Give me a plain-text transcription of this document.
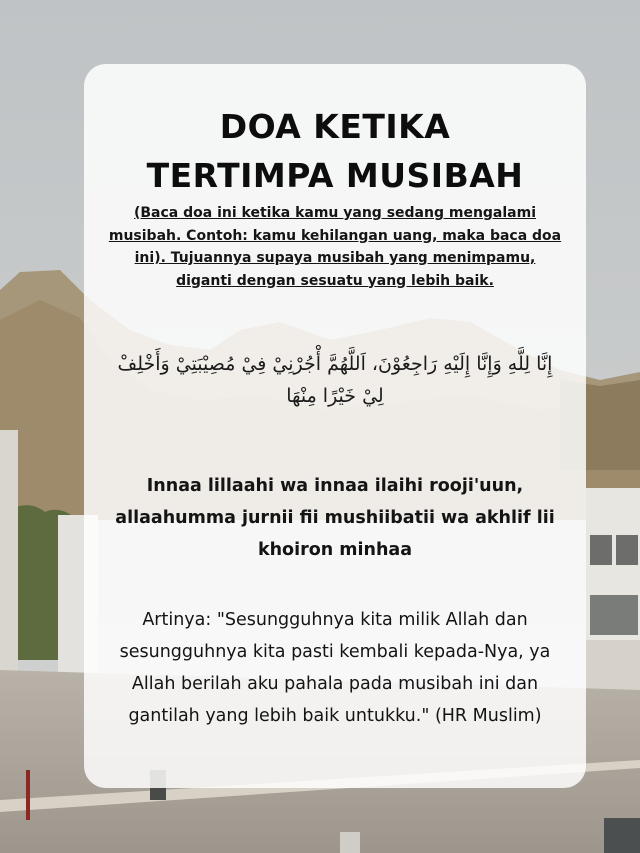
DOA KETIKA
TERTIMPA MUSIBAH

(Baca doa ini ketika kamu yang sedang mengalami musibah. Contoh: kamu kehilangan uang, maka baca doa ini). Tujuannya supaya musibah yang menimpamu, diganti dengan sesuatu yang lebih baik.

إِنَّا لِلَّهِ وَإِنَّا إِلَيْهِ رَاجِعُوْنَ، اَللَّهُمَّ أْجُرْنِيْ فِيْ مُصِيْبَتِيْ وَأَخْلِفْ لِيْ خَيْرًا مِنْهَا

Innaa lillaahi wa innaa ilaihi rooji'uun, allaahumma jurnii fii mushiibatii wa akhlif lii khoiron minhaa

Artinya: "Sesungguhnya kita milik Allah dan sesungguhnya kita pasti kembali kepada-Nya, ya Allah berilah aku pahala pada musibah ini dan gantilah yang lebih baik untukku." (HR Muslim)
